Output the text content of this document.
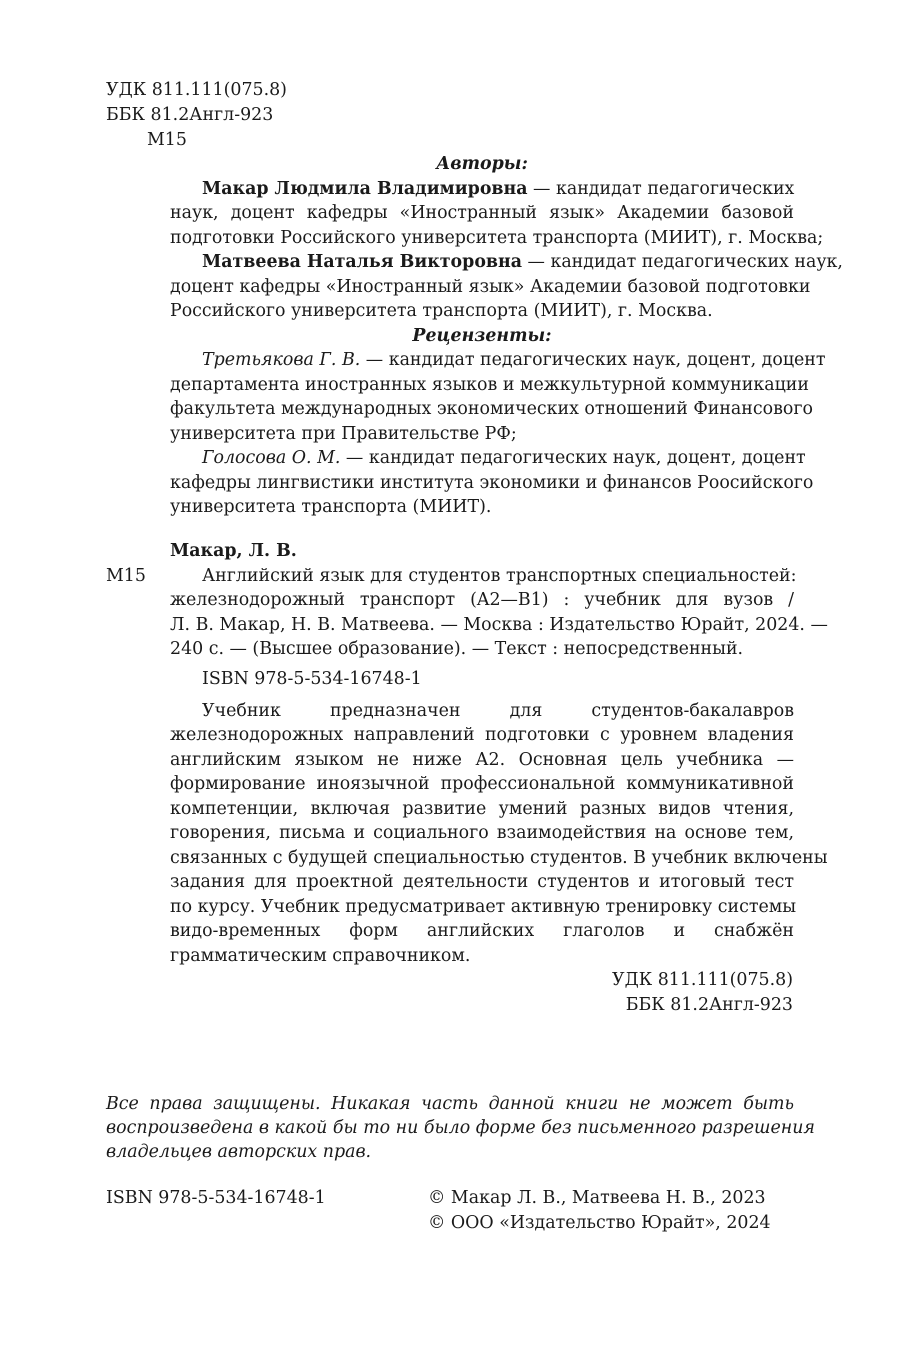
УДК 811.111(075.8)
ББК 81.2Англ-923
М15
Авторы:
Макар Людмила Владимировна — кандидат педагогических
наук, доцент кафедры «Иностранный язык» Академии базовой
подготовки Российского университета транспорта (МИИТ), г. Москва;
Матвеева Наталья Викторовна — кандидат педагогических наук,
доцент кафедры «Иностранный язык» Академии базовой подготовки
Российского университета транспорта (МИИТ), г. Москва.
Рецензенты:
Третьякова Г. В. — кандидат педагогических наук, доцент, доцент
департамента иностранных языков и межкультурной коммуникации
факультета международных экономических отношений Финансового
университета при Правительстве РФ;
Голосова О. М. — кандидат педагогических наук, доцент, доцент
кафедры лингвистики института экономики и финансов Роосийского
университета транспорта (МИИТ).
Макар, Л. В.
М15	Английский язык для студентов транспортных специальностей:
железнодорожный транспорт (A2—B1) : учебник для вузов /
Л. В. Макар, Н. В. Матвеева. — Москва : Издательство Юрайт, 2024. —
240 с. — (Высшее образование). — Текст : непосредственный.
ISBN 978-5-534-16748-1
Учебник предназначен для студентов-бакалавров
железнодорожных направлений подготовки с уровнем владения
английским языком не ниже А2. Основная цель учебника —
формирование иноязычной профессиональной коммуникативной
компетенции, включая развитие умений разных видов чтения,
говорения, письма и социального взаимодействия на основе тем,
связанных с будущей специальностью студентов. В учебник включены
задания для проектной деятельности студентов и итоговый тест
по курсу. Учебник предусматривает активную тренировку системы
видо-временных форм английских глаголов и снабжён
грамматическим справочником.
УДК 811.111(075.8)
ББК 81.2Англ-923
Все права защищены. Никакая часть данной книги не может быть
воспроизведена в какой бы то ни было форме без письменного разрешения
владельцев авторских прав.
ISBN 978-5-534-16748-1	© Макар Л. В., Матвеева Н. В., 2023
© ООО «Издательство Юрайт», 2024
